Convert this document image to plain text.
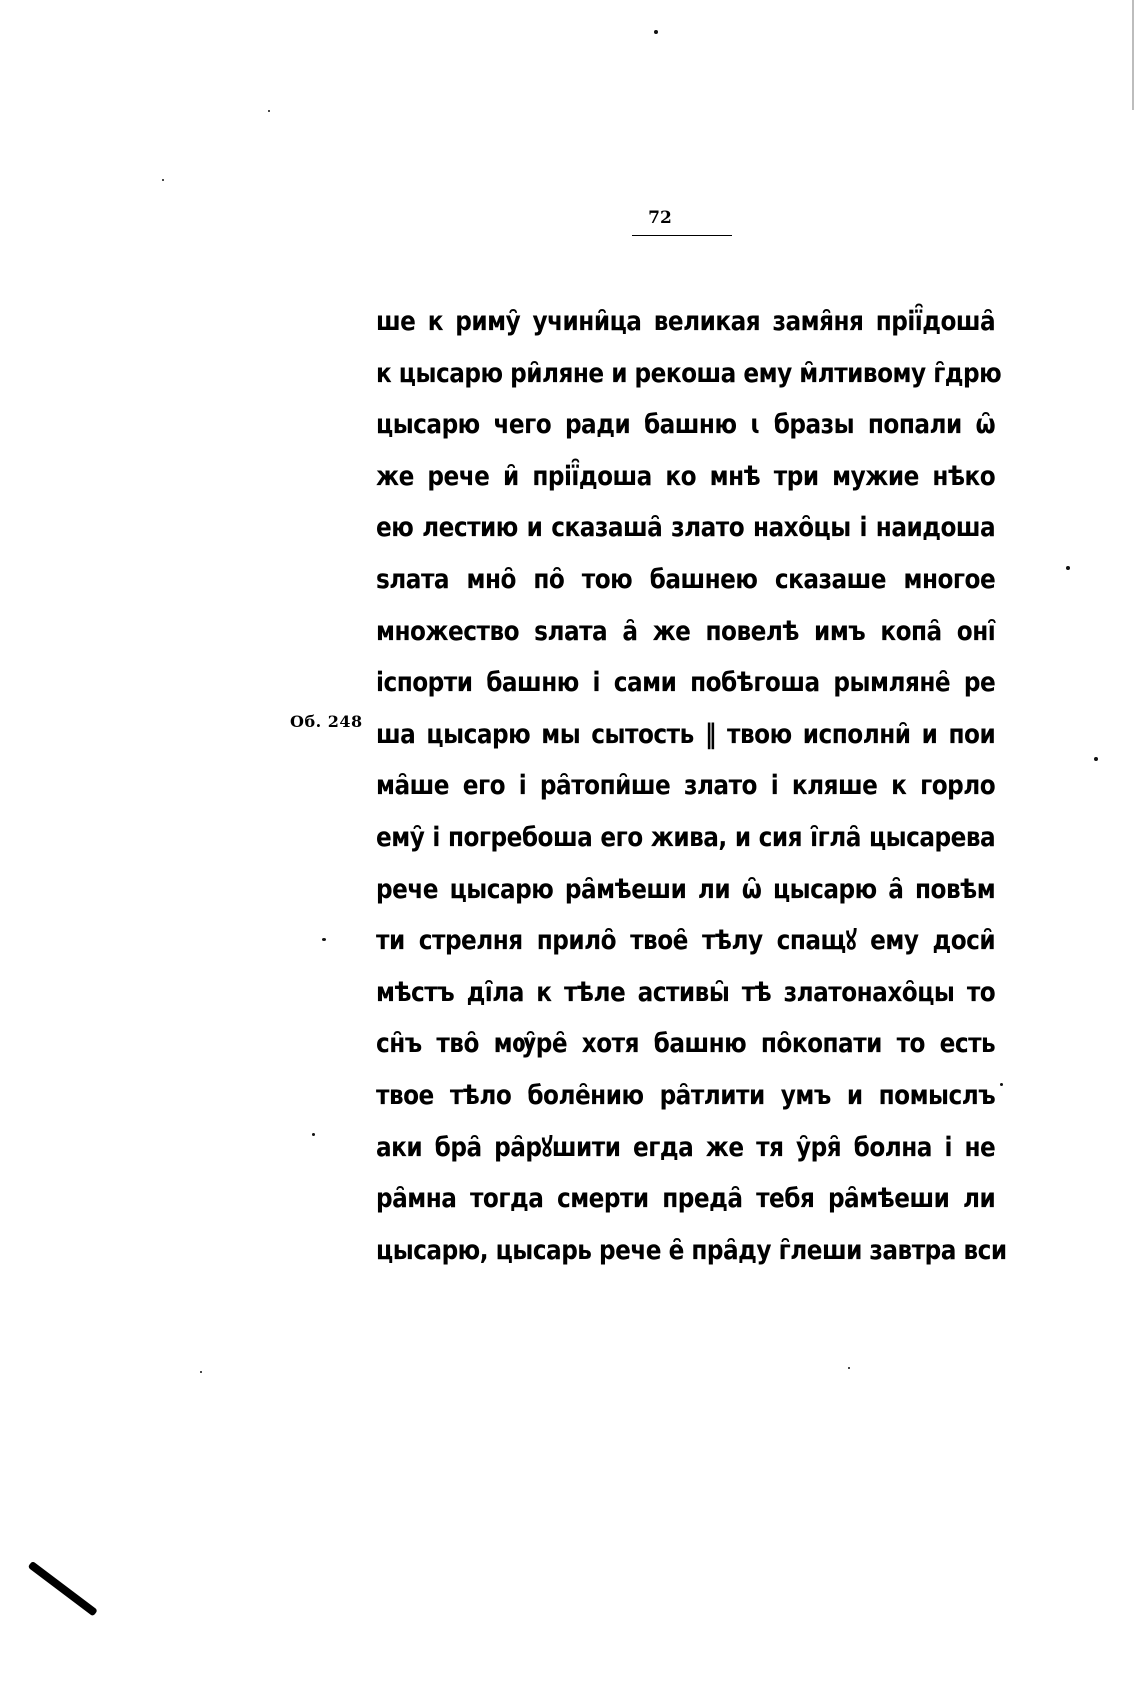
72
Об. 248
ше к риму̑ учини̑ца великая замя̑ня прії̑доша̑
к цысарю ри̑ляне и рекоша ему м̑лтивому г̑дрю
цысарю чего ради башню ꙇ бразы попали ѡ̑
же рече и̑ прії̑доша ко мнѣ три мужие нѣко
ею лестию и сказаша̑ злато нахо̑цы і наидоша
ѕлата мно̑ по̑ тою башнею сказаше многое
множество ѕлата а̑ же повелѣ имъ копа̑ оні̑
іспорти башню і сами побѣгоша рымляне̑ ре
ша цысарю мы сытость ‖ твою исполни̑ и пои
ма̑ше его і ра̑топи̑ше злато і кляше к горло
ему̑ і погребоша его жива, и сия і̑гла̑ цысарева
рече цысарю ра̑мѣеши ли ѡ̑ цысарю а̑ повѣм
ти стрелня прило̑ твое̑ тѣлу спащꙋ ему доси̑
мѣстъ ді̑ла к тѣле астивы̑ тѣ златонахо̑цы то
сн̑ъ тво̑ мѹ̑ре̑ хотя башню по̑копати то есть
твое тѣло боле̑нию ра̑тлити умъ и помыслъ
аки бра̑ ра̑рꙋшити егда же тя у̑ря̑ болна і не
ра̑мна тогда смерти преда̑ тебя ра̑мѣеши ли
цысарю, цысарь рече е̑ пра̑ду г̑леши завтра вси
